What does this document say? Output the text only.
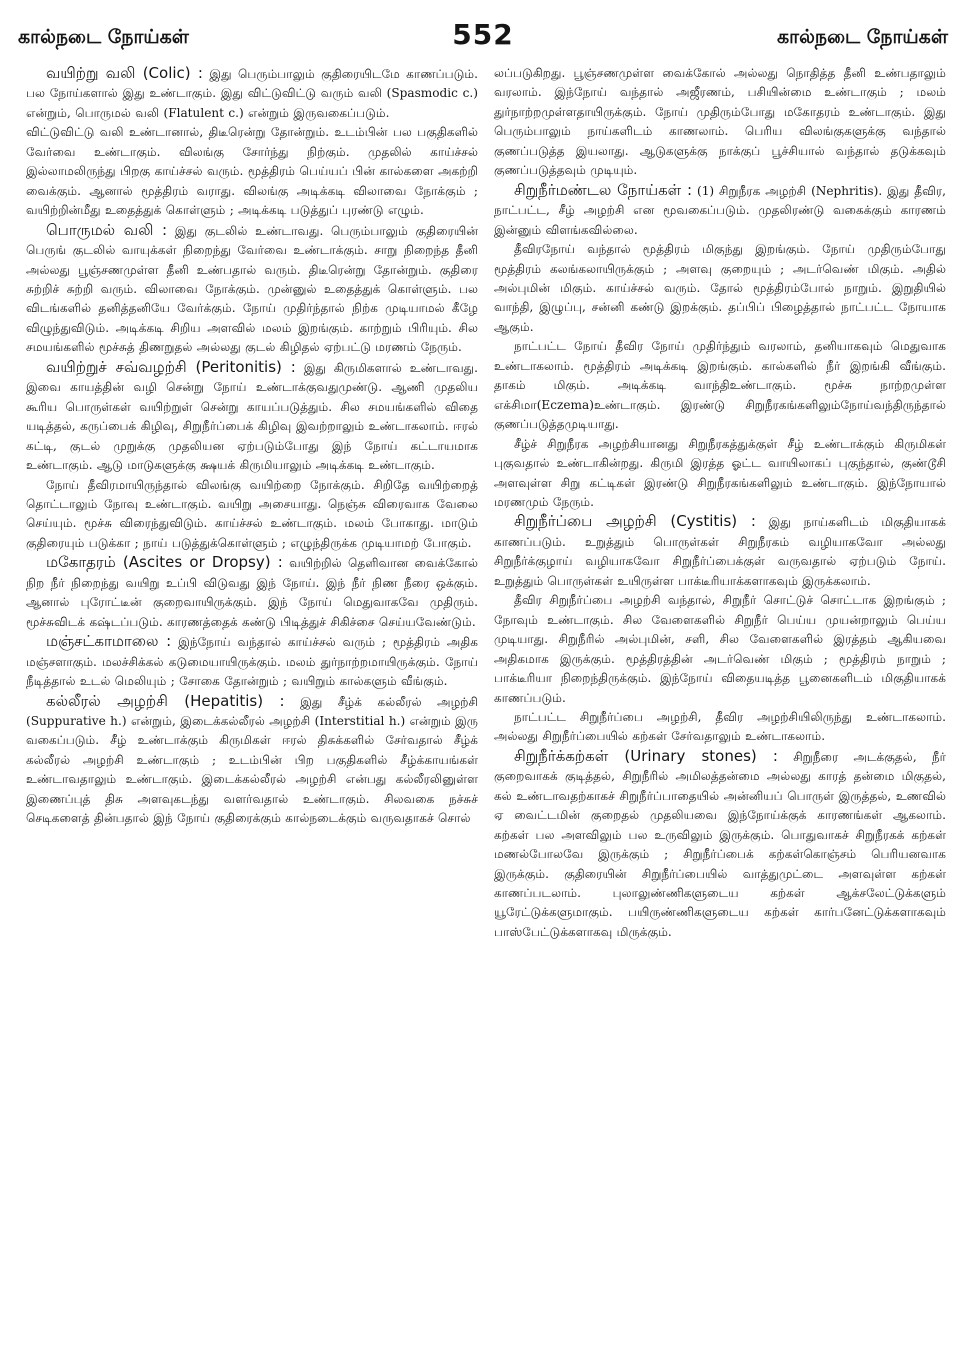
கால்நடை நோய்கள்	552	கால்நடை நோய்கள்

வயிற்று வலி (Colic) : இது பெரும்பாலும் குதிரையிடமே காணப்படும். பல நோய்களால் இது உண்டாகும். இது விட்டுவிட்டு வரும் வலி (Spasmodic c.) என்றும், பொருமல் வலி (Flatulent c.) என்றும் இருவகைப்படும்.

விட்டுவிட்டு வலி உண்டானால், திடீரென்று தோன்றும். உடம்பின் பல பகுதிகளில் வேர்வை உண்டாகும். விலங்கு சோர்ந்து நிற்கும். முதலில் காய்ச்சல் இல்லாமலிருந்து பிறகு காய்ச்சல் வரும். மூத்திரம் பெய்யப் பின் கால்களை அகற்றி வைக்கும். ஆனால் மூத்திரம் வராது. விலங்கு அடிக்கடி விலாவை நோக்கும் ; வயிற்றின்மீது உதைத்துக் கொள்ளும் ; அடிக்கடி படுத்துப் புரண்டு எழும்.

பொருமல் வலி : இது குடலில் உண்டாவது. பெரும்பாலும் குதிரையின் பெருங் குடலில் வாயுக்கள் நிறைந்து வேர்வை உண்டாக்கும். சாறு நிறைந்த தீனி அல்லது பூஞ்சணமுள்ள தீனி உண்பதால் வரும். திடீரென்று தோன்றும். குதிரை சுற்றிச் சுற்றி வரும். விலாவை நோக்கும். முன்னுல் உதைத்துக் கொள்ளும். பல விடங்களில் தனித்தனியே வேர்க்கும். நோய் முதிர்ந்தால் நிற்க முடியாமல் கீழே விழுந்துவிடும். அடிக்கடி சிறிய அளவில் மலம் இறங்கும். காற்றும் பிரியும். சில சமயங்களில் மூச்சுத் திணறுதல் அல்லது குடல் கிழிதல் ஏற்பட்டு மரணம் நேரும்.

வயிற்றுச் சவ்வழற்சி (Peritonitis) : இது கிருமிகளால் உண்டாவது. இவை காயத்தின் வழி சென்று நோய் உண்டாக்குவதுமுண்டு. ஆணி முதலிய கூரிய பொருள்கள் வயிற்றுள் சென்று காயப்படுத்தும். சில சமயங்களில் விதை யடித்தல், கருப்பைக் கிழிவு, சிறுநீர்ப்பைக் கிழிவு இவற்றாலும் உண்டாகலாம். ஈரல் கட்டி, குடல் முறுக்கு முதலியன ஏற்படும்போது இந் நோய் கட்டாயமாக உண்டாகும். ஆடு மாடுகளுக்கு க்ஷயக் கிருமியாலும் அடிக்கடி உண்டாகும்.

நோய் தீவிரமாயிருந்தால் விலங்கு வயிற்றை நோக்கும். சிறிதே வயிற்றைத் தொட்டாலும் நோவு உண்டாகும். வயிறு அசையாது. நெஞ்சு விரைவாக வேலை செய்யும். மூச்சு விரைந்துவிடும். காய்ச்சல் உண்டாகும். மலம் போகாது. மாடும் குதிரையும் படுக்கா ; நாய் படுத்துக்கொள்ளும் ; எழுந்திருக்க முடியாமற் போகும்.

மகோதரம் (Ascites or Dropsy) : வயிற்றில் தெளிவான வைக்கோல் நிற நீர் நிறைந்து வயிறு உப்பி விடுவது இந் நோய். இந் நீர் நிண நீரை ஒக்கும். ஆனால் புரோட்டீன் குறைவாயிருக்கும். இந் நோய் மெதுவாகவே முதிரும். மூச்சுவிடக் கஷ்டப்படும். காரணத்தைக் கண்டு பிடித்துச் சிகிச்சை செய்யவேண்டும்.

மஞ்சட்காமாலை : இந்நோய் வந்தால் காய்ச்சல் வரும் ; மூத்திரம் அதிக மஞ்சளாகும். மலச்சிக்கல் கடுமையாயிருக்கும். மலம் துர்நாற்றமாயிருக்கும். நோய் நீடித்தால் உடல் மெலியும் ; சோகை தோன்றும் ; வயிறும் கால்களும் வீங்கும்.

கல்லீரல் அழற்சி (Hepatitis) : இது சீழ்க் கல்லீரல் அழற்சி (Suppurative h.) என்றும், இடைக்கல்லீரல் அழற்சி (Interstitial h.) என்றும் இரு வகைப்படும். சீழ் உண்டாக்கும் கிருமிகள் ஈரல் திசுக்களில் சேர்வதால் சீழ்க் கல்லீரல் அழற்சி உண்டாகும் ; உடம்பின் பிற பகுதிகளில் சீழ்க்காயங்கள் உண்டாவதாலும் உண்டாகும். இடைக்கல்லீரல் அழற்சி என்பது கல்லீரலினுள்ள இணைப்புத் திசு அளவுகடந்து வளர்வதால் உண்டாகும். சிலவகை நச்சுச் செடிகளைத் தின்பதால் இந் நோய் குதிரைக்கும் கால்நடைக்கும் வருவதாகச் சொல்

லப்படுகிறது. பூஞ்சணமுள்ள வைக்கோல் அல்லது நொதித்த தீனி உண்பதாலும் வரலாம். இந்நோய் வந்தால் அஜீரணம், பசியின்மை உண்டாகும் ; மலம் துர்நாற்றமுள்ளதாயிருக்கும். நோய் முதிரும்போது மகோதரம் உண்டாகும். இது பெரும்பாலும் நாய்களிடம் காணலாம். பெரிய விலங்குகளுக்கு வந்தால் குணப்படுத்த இயலாது. ஆடுகளுக்கு நாக்குப் பூச்சியால் வந்தால் தடுக்கவும் குணப்படுத்தவும் முடியும்.

சிறுநீர்மண்டல நோய்கள் : (1) சிறுநீரக அழற்சி (Nephritis). இது தீவிர, நாட்பட்ட, சீழ் அழற்சி என மூவகைப்படும். முதலிரண்டு வகைக்கும் காரணம் இன்னும் விளங்கவில்லை.

தீவிரநோய் வந்தால் மூத்திரம் மிகுந்து இறங்கும். நோய் முதிரும்போது மூத்திரம் கலங்கலாயிருக்கும் ; அளவு குறையும் ; அடர்வெண் மிகும். அதில் அல்புமின் மிகும். காய்ச்சல் வரும். தோல் மூத்திரம்போல் நாறும். இறுதியில் வாந்தி, இழுப்பு, சன்னி கண்டு இறக்கும். தப்பிப் பிழைத்தால் நாட்பட்ட நோயாக ஆகும்.

நாட்பட்ட நோய் தீவிர நோய் முதிர்ந்தும் வரலாம், தனியாகவும் மெதுவாக உண்டாகலாம். மூத்திரம் அடிக்கடி இறங்கும். கால்களில் நீர் இறங்கி வீங்கும். தாகம் மிகும். அடிக்கடி வாந்திஉண்டாகும். மூச்சு நாற்றமுள்ள எக்சிமா(Eczema)உண்டாகும். இரண்டு சிறுநீரகங்களிலும்நோய்வந்திருந்தால் குணப்படுத்தமுடியாது.

சீழ்ச் சிறுநீரக அழற்சியானது சிறுநீரகத்துக்குள் சீழ் உண்டாக்கும் கிருமிகள் புகுவதால் உண்டாகின்றது. கிருமி இரத்த ஓட்ட வாயிலாகப் புகுந்தால், குண்டூசி அளவுள்ள சிறு கட்டிகள் இரண்டு சிறுநீரகங்களிலும் உண்டாகும். இந்நோயால் மரணமும் நேரும்.

சிறுநீர்ப்பை அழற்சி (Cystitis) : இது நாய்களிடம் மிகுதியாகக் காணப்படும். உறுத்தும் பொருள்கள் சிறுநீரகம் வழியாகவோ அல்லது சிறுநீர்க்குழாய் வழியாகவோ சிறுநீர்ப்பைக்குள் வருவதால் ஏற்படும் நோய். உறுத்தும் பொருள்கள் உயிருள்ள பாக்டீரியாக்களாகவும் இருக்கலாம்.

தீவிர சிறுநீர்ப்பை அழற்சி வந்தால், சிறுநீர் சொட்டுச் சொட்டாக இறங்கும் ; நோவும் உண்டாகும். சில வேளைகளில் சிறுநீர் பெய்ய முயன்றாலும் பெய்ய முடியாது. சிறுநீரில் அல்புமின், சளி, சில வேளைகளில் இரத்தம் ஆகியவை அதிகமாக இருக்கும். மூத்திரத்தின் அடர்வெண் மிகும் ; மூத்திரம் நாறும் ; பாக்டீரியா நிறைந்திருக்கும். இந்நோய் விதையடித்த பூனைகளிடம் மிகுதியாகக் காணப்படும்.

நாட்பட்ட சிறுநீர்ப்பை அழற்சி, தீவிர அழற்சியிலிருந்து உண்டாகலாம். அல்லது சிறுநீர்ப்பையில் கற்கள் சேர்வதாலும் உண்டாகலாம்.

சிறுநீர்க்கற்கள் (Urinary stones) : சிறுநீரை அடக்குதல், நீர் குறைவாகக் குடித்தல், சிறுநீரில் அமிலத்தன்மை அல்லது காரத் தன்மை மிகுதல், கல் உண்டாவதற்காகச் சிறுநீர்ப்பாதையில் அன்னியப் பொருள் இருத்தல், உணவில் ஏ வைட்டமின் குறைதல் முதலியவை இந்நோய்க்குக் காரணங்கள் ஆகலாம். கற்கள் பல அளவிலும் பல உருவிலும் இருக்கும். பொதுவாகச் சிறுநீரகக் கற்கள் மணல்போலவே இருக்கும் ; சிறுநீர்ப்பைக் கற்கள்கொஞ்சம் பெரியனவாக இருக்கும். குதிரையின் சிறுநீர்ப்பையில் வாத்துமுட்டை அளவுள்ள கற்கள் காணப்படலாம். புலாலுண்ணிகளுடைய கற்கள் ஆக்சலேட்டுக்களும் யூரேட்டுக்களுமாகும். பயிருண்ணிகளுடைய கற்கள் கார்பனேட்டுக்களாகவும் பாஸ்பேட்டுக்களாகவு மிருக்கும்.
